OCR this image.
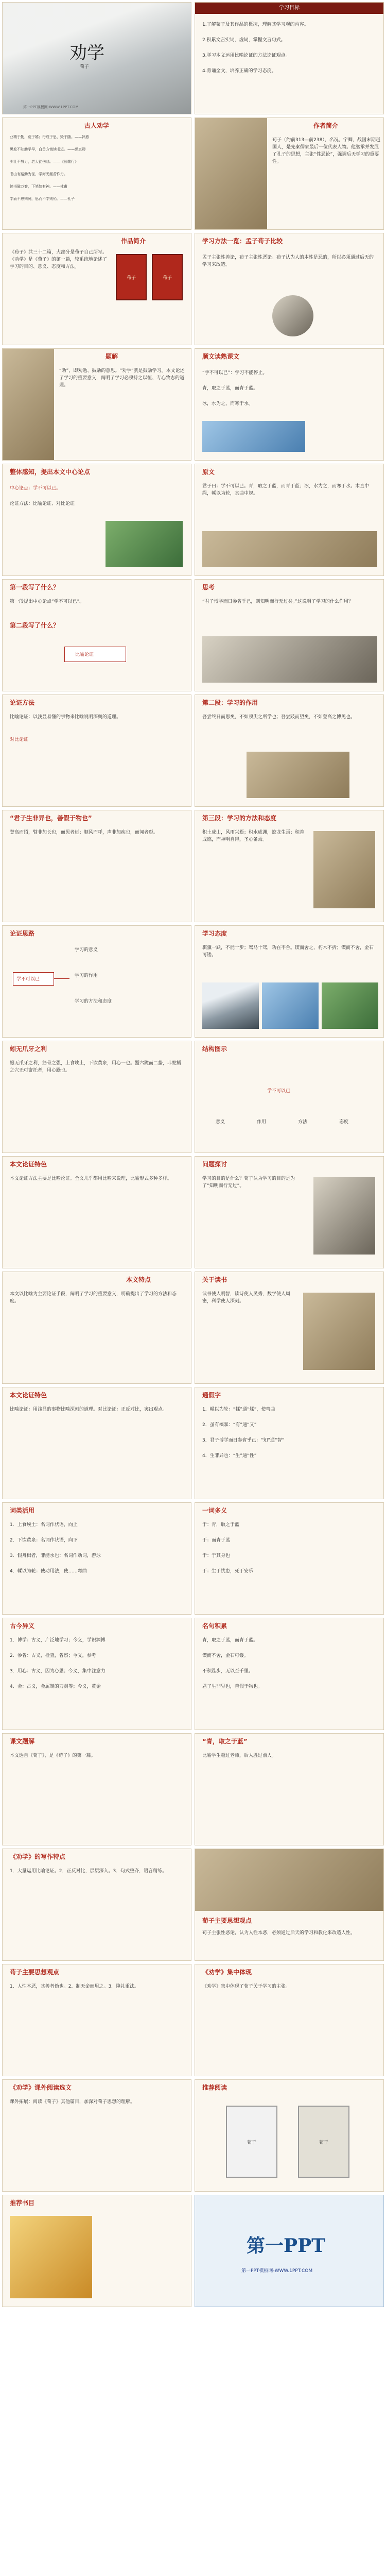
劝学
荀子
第一PPT模板网-WWW.1PPT.COM
学习目标
1.了解荀子及其作品的概况，理解其学习观的内容。
2.积累文言实词、虚词，掌握文言句式。
3.学习本文运用比喻论证的方法论证观点。
4.背诵全文，培养正确的学习态度。
古人劝学
业精于勤，荒于嬉；行成于思，毁于随。——韩愈
黑发不知勤学早，白首方悔读书迟。——颜真卿
少壮不努力，老大徒伤悲。——《长歌行》
书山有路勤为径，学海无涯苦作舟。
读书破万卷，下笔如有神。——杜甫
学而不思则罔，思而不学则殆。——孔子
作者简介
荀子（约前313—前238），名况，字卿，战国末期赵国人，是先秦儒家最后一位代表人物。他继承并发展了孔子的思想，主张“性恶论”，强调后天学习的重要性。
作品简介
《荀子》共三十二篇，大部分是荀子自己所写。《劝学》是《荀子》的第一篇，较系统地论述了学习的目的、意义、态度和方法。
荀子	荀子
学习方法一览：孟子荀子比较
孟子主张性善论，荀子主张性恶论。荀子认为人的本性是恶的，所以必须通过后天的学习来改造。
题解
“劝”，即劝勉、鼓励的意思。“劝学”就是鼓励学习。本文论述了学习的重要意义，阐明了学习必须持之以恒、专心致志的道理。
顺文读熟课文
“学不可以已”：学习不能停止。
青，取之于蓝，而青于蓝。
冰，水为之，而寒于水。
整体感知，提出本文中心论点
中心论点：学不可以已。
论证方法：比喻论证、对比论证
原文
君子曰：学不可以已。青，取之于蓝，而青于蓝；冰，水为之，而寒于水。木直中绳，輮以为轮，其曲中规。
第一段写了什么？
第一段提出中心论点“学不可以已”。
第二段写了什么？
比喻论证
思考
“君子博学而日参省乎己，则知明而行无过矣。”这说明了学习的什么作用？
论证方法
比喻论证：以浅显易懂的事物来比喻说明深奥的道理。
对比论证
第二段：学习的作用
吾尝终日而思矣，不如须臾之所学也；吾尝跂而望矣，不如登高之博见也。
“君子生非异也，善假于物也”
登高而招，臂非加长也，而见者远；顺风而呼，声非加疾也，而闻者彰。
第三段：学习的方法和态度
积土成山，风雨兴焉；积水成渊，蛟龙生焉；积善成德，而神明自得，圣心备焉。
论证思路
学不可以已
学习的意义
学习的作用
学习的方法和态度
学习态度
骐骥一跃，不能十步；驽马十驾，功在不舍。锲而舍之，朽木不折；锲而不舍，金石可镂。
蚓无爪牙之利
蚓无爪牙之利，筋骨之强，上食埃土，下饮黄泉，用心一也。蟹六跪而二螯，非蛇鳝之穴无可寄托者，用心躁也。
结构图示
学不可以已
意义	作用	方法	态度
本文论证特色
本文论证方法主要是比喻论证。全文几乎都用比喻来说理，比喻形式多种多样。
问题探讨
学习的目的是什么？荀子认为学习的目的是为了“知明而行无过”。
本文特点
本文以比喻为主要论证手段，阐明了学习的重要意义，明确提出了学习的方法和态度。
关于读书
读书使人明智，读诗使人灵秀，数学使人周密，科学使人深刻。
本文论证特色
比喻论证：用浅显的事物比喻深刻的道理。对比论证：正反对比，突出观点。
通假字
1．輮以为轮：“輮”通“煣”，使弯曲
2．虽有槁暴：“有”通“又”
3．君子博学而日参省乎己：“知”通“智”
4．生非异也：“生”通“性”
词类活用
1．上食埃土：名词作状语，向上
2．下饮黄泉：名词作状语，向下
3．假舟楫者，非能水也：名词作动词，游泳
4．輮以为轮：使动用法，使……弯曲
一词多义
于：青，取之于蓝
于：而青于蓝
于：于其身也
于：生于忧患，死于安乐
古今异义
1．博学：古义，广泛地学习；今义，学识渊博
2．参省：古义，检查，省察；今义，参考
3．用心：古义，因为心思；今义，集中注意力
4．金：古义，金属制的刀剑等；今义，黄金
名句积累
青，取之于蓝，而青于蓝。
锲而不舍，金石可镂。
不积跬步，无以至千里。
君子生非异也，善假于物也。
课文题解
本文选自《荀子》，是《荀子》的第一篇。
“青，取之于蓝”
比喻学生超过老师，后人胜过前人。
《劝学》的写作特点
1．大量运用比喻论证。2．正反对比，层层深入。3．句式整齐，语言精练。
荀子主要思想观点
荀子主张性恶论，认为人性本恶，必须通过后天的学习和教化来改造人性。
荀子主要思想观点
1．人性本恶，其善者伪也。2．制天命而用之。3．隆礼重法。
《劝学》集中体现
《劝学》集中体现了荀子关于学习的主张。
《劝学》课外阅读选文
课外拓展：阅读《荀子》其他篇目，加深对荀子思想的理解。
推荐阅读
荀子	荀子
推荐书目
第一PPT
第一PPT模板网-WWW.1PPT.COM
